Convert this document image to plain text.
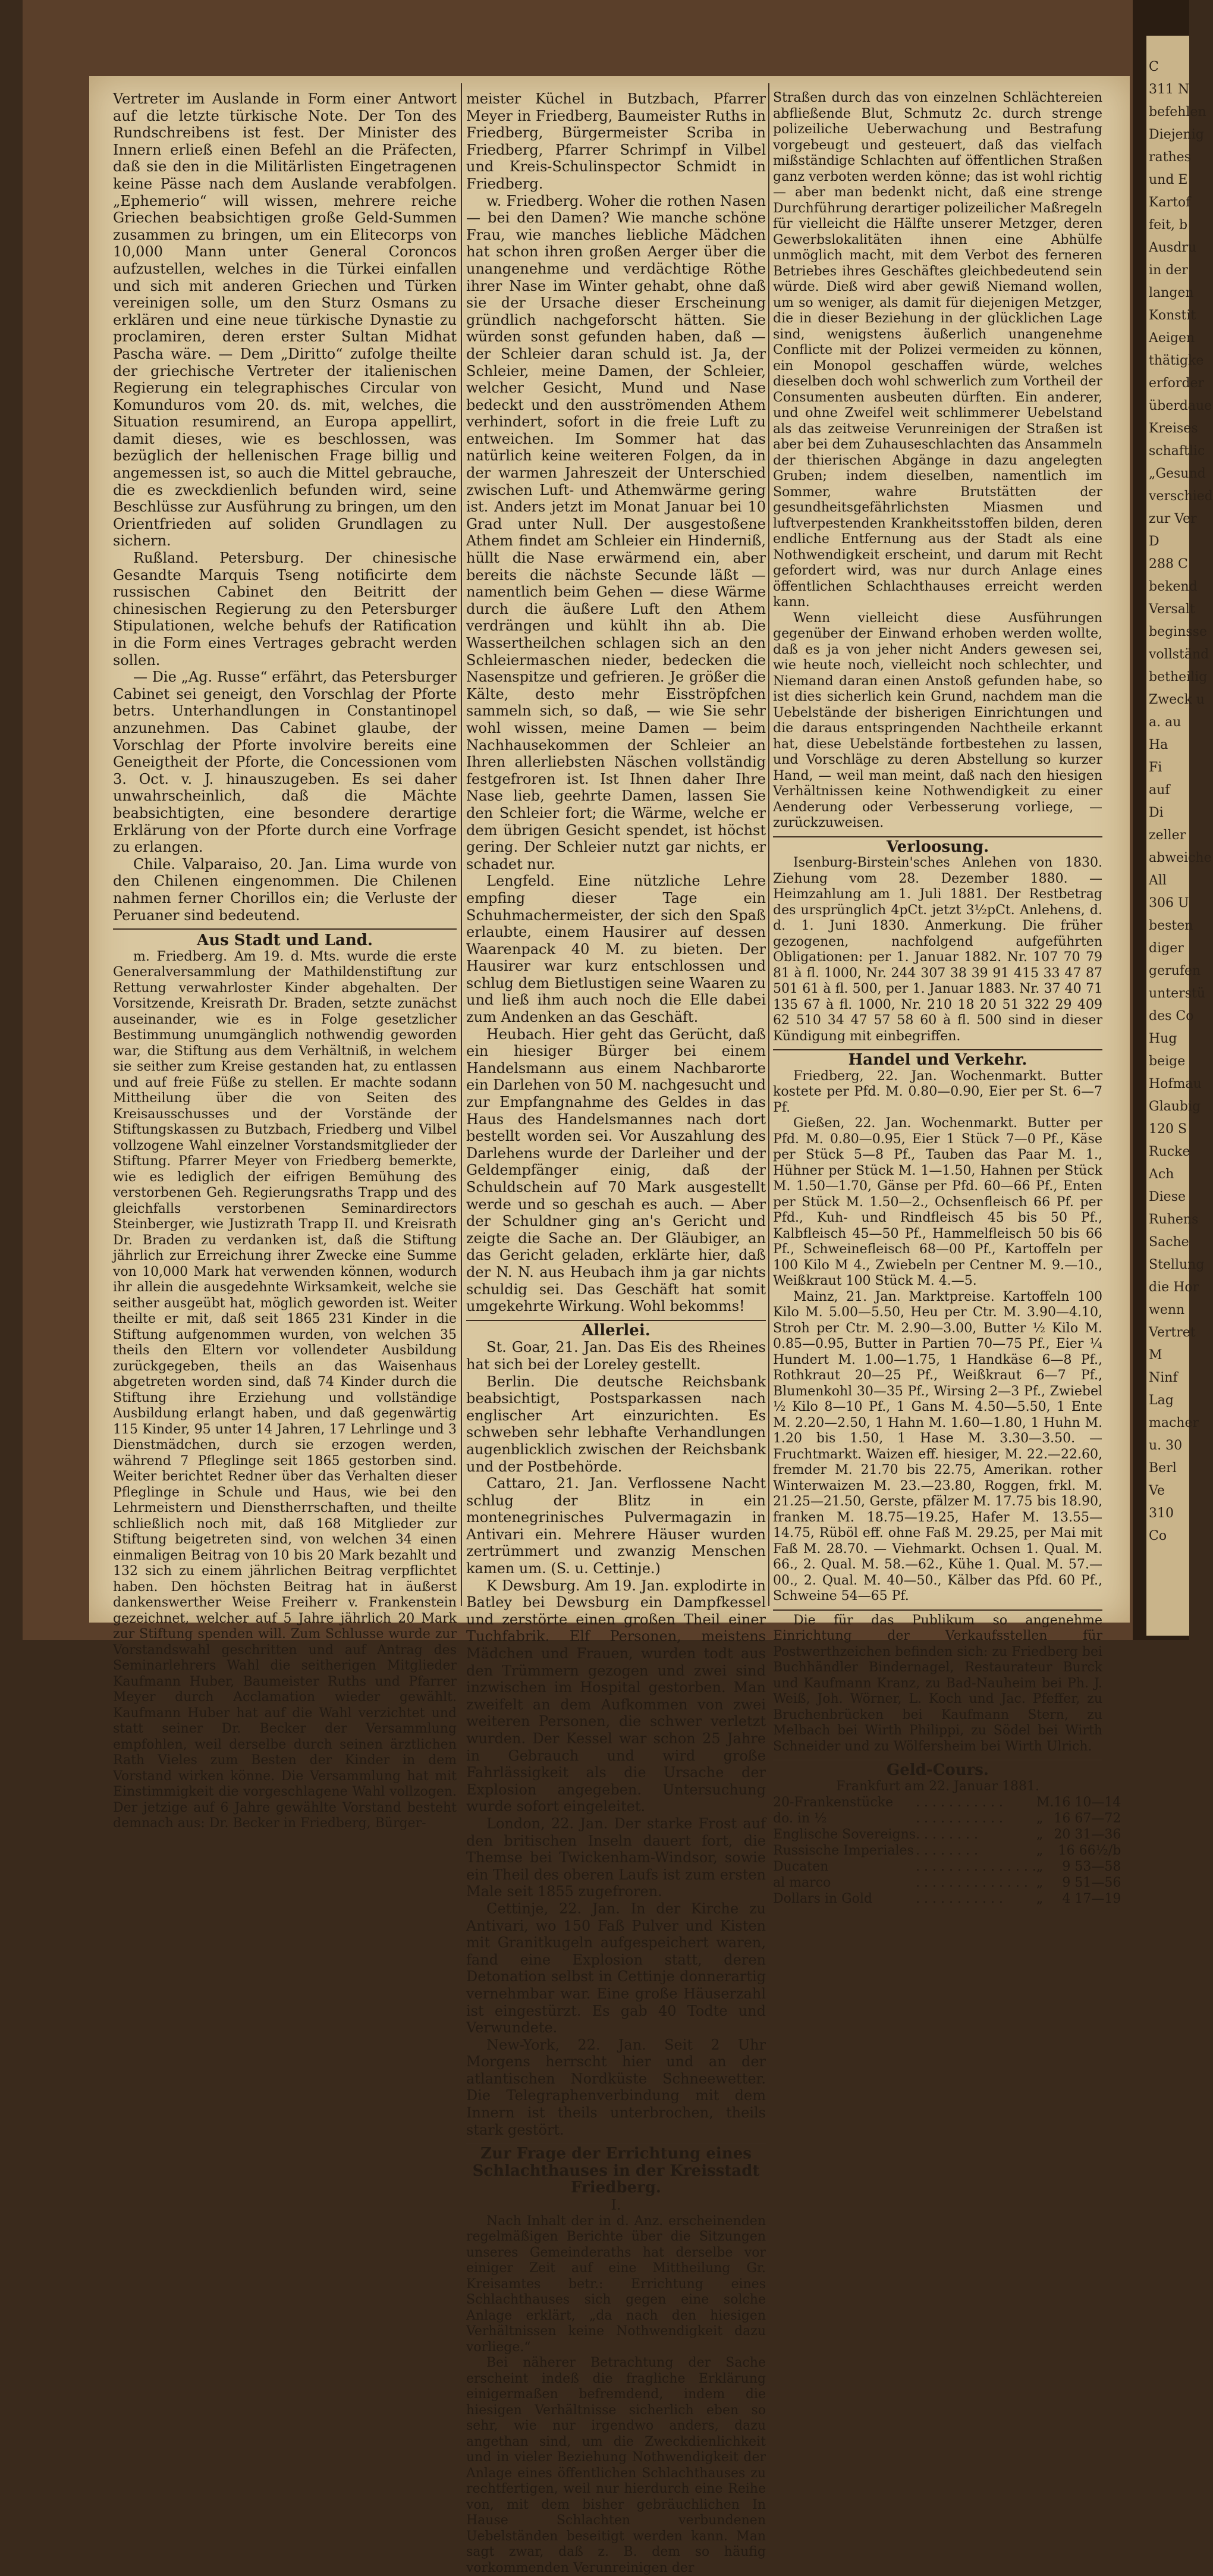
C
311 N
befehlen
Diejenig
rathes
und E
Kartof
feit, b
Ausdru
in der
langen
Konstit
Aeigen
thätigke
erforder
überdaue
Kreises
schaftlic
„Gesund
verschied
zur Ver
D
288 C
bekend
Versalt
beginsse
vollständ
betheilig
Zweck u
a. au
Ha
Fi
auf
Di
zeller
abweiche
All
306 U
besten
diger
gerufen
unterstü
des Co
Hug
beige
Hofmau
Glaubig
120 S
Rucke
Ach
Diese
Ruhens
Sache
Stellung
die Hor
wenn
Vertret
M
Ninf
Lag
macher
u. 30
Berl
Ve
310
Co

Vertreter im Auslande in Form einer Antwort auf die letzte türkische Note. Der Ton des Rundschreibens ist fest. Der Minister des Innern erließ einen Befehl an die Präfecten, daß sie den in die Militärlisten Eingetragenen keine Pässe nach dem Auslande verabfolgen. „Ephemerio“ will wissen, mehrere reiche Griechen beabsichtigen große Geld-Summen zusammen zu bringen, um ein Elitecorps von 10,000 Mann unter General Coroncos aufzustellen, welches in die Türkei einfallen und sich mit anderen Griechen und Türken vereinigen solle, um den Sturz Osmans zu erklären und eine neue türkische Dynastie zu proclamiren, deren erster Sultan Midhat Pascha wäre. — Dem „Diritto“ zufolge theilte der griechische Vertreter der italienischen Regierung ein telegraphisches Circular von Komunduros vom 20. ds. mit, welches, die Situation resumirend, an Europa appellirt, damit dieses, wie es beschlossen, was bezüglich der hellenischen Frage billig und angemessen ist, so auch die Mittel gebrauche, die es zweckdienlich befunden wird, seine Beschlüsse zur Ausführung zu bringen, um den Orientfrieden auf soliden Grundlagen zu sichern.

Rußland. Petersburg. Der chinesische Gesandte Marquis Tseng notificirte dem russischen Cabinet den Beitritt der chinesischen Regierung zu den Petersburger Stipulationen, welche behufs der Ratification in die Form eines Vertrages gebracht werden sollen.

— Die „Ag. Russe“ erfährt, das Petersburger Cabinet sei geneigt, den Vorschlag der Pforte betrs. Unterhandlungen in Constantinopel anzunehmen. Das Cabinet glaube, der Vorschlag der Pforte involvire bereits eine Geneigtheit der Pforte, die Concessionen vom 3. Oct. v. J. hinauszugeben. Es sei daher unwahrscheinlich, daß die Mächte beabsichtigten, eine besondere derartige Erklärung von der Pforte durch eine Vorfrage zu erlangen.

Chile. Valparaiso, 20. Jan. Lima wurde von den Chilenen eingenommen. Die Chilenen nahmen ferner Chorillos ein; die Verluste der Peruaner sind bedeutend.

Aus Stadt und Land.

m. Friedberg. Am 19. d. Mts. wurde die erste Generalversammlung der Mathildenstiftung zur Rettung verwahrloster Kinder abgehalten. Der Vorsitzende, Kreisrath Dr. Braden, setzte zunächst auseinander, wie es in Folge gesetzlicher Bestimmung unumgänglich nothwendig geworden war, die Stiftung aus dem Verhältniß, in welchem sie seither zum Kreise gestanden hat, zu entlassen und auf freie Füße zu stellen. Er machte sodann Mittheilung über die von Seiten des Kreisausschusses und der Vorstände der Stiftungskassen zu Butzbach, Friedberg und Vilbel vollzogene Wahl einzelner Vorstandsmitglieder der Stiftung. Pfarrer Meyer von Friedberg bemerkte, wie es lediglich der eifrigen Bemühung des verstorbenen Geh. Regierungsraths Trapp und des gleichfalls verstorbenen Seminardirectors Steinberger, wie Justizrath Trapp II. und Kreisrath Dr. Braden zu verdanken ist, daß die Stiftung jährlich zur Erreichung ihrer Zwecke eine Summe von 10,000 Mark hat verwenden können, wodurch ihr allein die ausgedehnte Wirksamkeit, welche sie seither ausgeübt hat, möglich geworden ist. Weiter theilte er mit, daß seit 1865 231 Kinder in die Stiftung aufgenommen wurden, von welchen 35 theils den Eltern vor vollendeter Ausbildung zurückgegeben, theils an das Waisenhaus abgetreten worden sind, daß 74 Kinder durch die Stiftung ihre Erziehung und vollständige Ausbildung erlangt haben, und daß gegenwärtig 115 Kinder, 95 unter 14 Jahren, 17 Lehrlinge und 3 Dienstmädchen, durch sie erzogen werden, während 7 Pfleglinge seit 1865 gestorben sind. Weiter berichtet Redner über das Verhalten dieser Pfleglinge in Schule und Haus, wie bei den Lehrmeistern und Dienstherrschaften, und theilte schließlich noch mit, daß 168 Mitglieder zur Stiftung beigetreten sind, von welchen 34 einen einmaligen Beitrag von 10 bis 20 Mark bezahlt und 132 sich zu einem jährlichen Beitrag verpflichtet haben. Den höchsten Beitrag hat in äußerst dankenswerther Weise Freiherr v. Frankenstein gezeichnet, welcher auf 5 Jahre jährlich 20 Mark zur Stiftung spenden will. Zum Schlusse wurde zur Vorstandswahl geschritten und auf Antrag des Seminarlehrers Wahl die seitherigen Mitglieder Kaufmann Huber, Baumeister Ruths und Pfarrer Meyer durch Acclamation wieder gewählt. Kaufmann Huber hat auf die Wahl verzichtet und statt seiner Dr. Becker der Versammlung empfohlen, weil derselbe durch seinen ärztlichen Rath Vieles zum Besten der Kinder in dem Vorstand wirken könne. Die Versammlung hat mit Einstimmigkeit die vorgeschlagene Wahl vollzogen. Der jetzige auf 6 Jahre gewählte Vorstand besteht demnach aus: Dr. Becker in Friedberg, Bürger-

meister Küchel in Butzbach, Pfarrer Meyer in Friedberg, Baumeister Ruths in Friedberg, Bürgermeister Scriba in Friedberg, Pfarrer Schrimpf in Vilbel und Kreis-Schulinspector Schmidt in Friedberg.

w. Friedberg. Woher die rothen Nasen — bei den Damen? Wie manche schöne Frau, wie manches liebliche Mädchen hat schon ihren großen Aerger über die unangenehme und verdächtige Röthe ihrer Nase im Winter gehabt, ohne daß sie der Ursache dieser Erscheinung gründlich nachgeforscht hätten. Sie würden sonst gefunden haben, daß — der Schleier daran schuld ist. Ja, der Schleier, meine Damen, der Schleier, welcher Gesicht, Mund und Nase bedeckt und den ausströmenden Athem verhindert, sofort in die freie Luft zu entweichen. Im Sommer hat das natürlich keine weiteren Folgen, da in der warmen Jahreszeit der Unterschied zwischen Luft- und Athemwärme gering ist. Anders jetzt im Monat Januar bei 10 Grad unter Null. Der ausgestoßene Athem findet am Schleier ein Hinderniß, hüllt die Nase erwärmend ein, aber bereits die nächste Secunde läßt — namentlich beim Gehen — diese Wärme durch die äußere Luft den Athem verdrängen und kühlt ihn ab. Die Wassertheilchen schlagen sich an den Schleiermaschen nieder, bedecken die Nasenspitze und gefrieren. Je größer die Kälte, desto mehr Eisströpfchen sammeln sich, so daß, — wie Sie sehr wohl wissen, meine Damen — beim Nachhausekommen der Schleier an Ihren allerliebsten Näschen vollständig festgefroren ist. Ist Ihnen daher Ihre Nase lieb, geehrte Damen, lassen Sie den Schleier fort; die Wärme, welche er dem übrigen Gesicht spendet, ist höchst gering. Der Schleier nutzt gar nichts, er schadet nur.

Lengfeld. Eine nützliche Lehre empfing dieser Tage ein Schuhmachermeister, der sich den Spaß erlaubte, einem Hausirer auf dessen Waarenpack 40 M. zu bieten. Der Hausirer war kurz entschlossen und schlug dem Bietlustigen seine Waaren zu und ließ ihm auch noch die Elle dabei zum Andenken an das Geschäft.

Heubach. Hier geht das Gerücht, daß ein hiesiger Bürger bei einem Handelsmann aus einem Nachbarorte ein Darlehen von 50 M. nachgesucht und zur Empfangnahme des Geldes in das Haus des Handelsmannes nach dort bestellt worden sei. Vor Auszahlung des Darlehens wurde der Darleiher und der Geldempfänger einig, daß der Schuldschein auf 70 Mark ausgestellt werde und so geschah es auch. — Aber der Schuldner ging an's Gericht und zeigte die Sache an. Der Gläubiger, an das Gericht geladen, erklärte hier, daß der N. N. aus Heubach ihm ja gar nichts schuldig sei. Das Geschäft hat somit umgekehrte Wirkung. Wohl bekomms!

Allerlei.

St. Goar, 21. Jan. Das Eis des Rheines hat sich bei der Loreley gestellt.

Berlin. Die deutsche Reichsbank beabsichtigt, Postsparkassen nach englischer Art einzurichten. Es schweben sehr lebhafte Verhandlungen augenblicklich zwischen der Reichsbank und der Postbehörde.

Cattaro, 21. Jan. Verflossene Nacht schlug der Blitz in ein montenegrinisches Pulvermagazin in Antivari ein. Mehrere Häuser wurden zertrümmert und zwanzig Menschen kamen um. (S. u. Cettinje.)

K Dewsburg. Am 19. Jan. explodirte in Batley bei Dewsburg ein Dampfkessel und zerstörte einen großen Theil einer Tuchfabrik. Elf Personen, meistens Mädchen und Frauen, wurden todt aus den Trümmern gezogen und zwei sind inzwischen im Hospital gestorben. Man zweifelt an dem Aufkommen von zwei weiteren Personen, die schwer verletzt wurden. Der Kessel war schon 25 Jahre in Gebrauch und wird große Fahrlässigkeit als die Ursache der Explosion angegeben. Untersuchung wurde sofort eingeleitet.

London, 22. Jan. Der starke Frost auf den britischen Inseln dauert fort, die Themse bei Twickenham-Windsor, sowie ein Theil des oberen Laufs ist zum ersten Male seit 1855 zugefroren.

Cettinje, 22. Jan. In der Kirche zu Antivari, wo 150 Faß Pulver und Kisten mit Granitkugeln aufgespeichert waren, fand eine Explosion statt, deren Detonation selbst in Cettinje donnerartig vernehmbar war. Eine große Häuserzahl ist eingestürzt. Es gab 40 Todte und Verwundete.

New-York, 22. Jan. Seit 2 Uhr Morgens herrscht hier und an der atlantischen Nordküste Schneewetter. Die Telegraphenverbindung mit dem Innern ist theils unterbrochen, theils stark gestört.

Zur Frage der Errichtung eines Schlachthauses in der Kreisstadt Friedberg.

I.

Nach Inhalt der in d. Anz. erscheinenden regelmäßigen Berichte über die Sitzungen unseres Gemeinderaths hat derselbe vor einiger Zeit auf eine Mittheilung Gr. Kreisamtes betr.: Errichtung eines Schlachthauses sich gegen eine solche Anlage erklärt, „da nach den hiesigen Verhältnissen keine Nothwendigkeit dazu vorliege.“

Bei näherer Betrachtung der Sache erscheint indeß die fragliche Erklärung einigermaßen befremdend, indem die hiesigen Verhältnisse sicherlich eben so sehr, wie nur irgendwo anders, dazu angethan sind, um die Zweckdienlichkeit und in vieler Beziehung Nothwendigkeit der Anlage eines öffentlichen Schlachthauses zu rechtfertigen, weil nur hierdurch eine Reihe von, mit dem bisher gebräuchlichen In Hause Schlachten verbundenen Uebelständen beseitigt werden kann. Man sagt zwar, daß z. B. dem so häufig vorkommenden Verunreinigen der

Straßen durch das von einzelnen Schlächtereien abfließende Blut, Schmutz 2c. durch strenge polizeiliche Ueberwachung und Bestrafung vorgebeugt und gesteuert, daß das vielfach mißständige Schlachten auf öffentlichen Straßen ganz verboten werden könne; das ist wohl richtig — aber man bedenkt nicht, daß eine strenge Durchführung derartiger polizeilicher Maßregeln für vielleicht die Hälfte unserer Metzger, deren Gewerbslokalitäten ihnen eine Abhülfe unmöglich macht, mit dem Verbot des ferneren Betriebes ihres Geschäftes gleichbedeutend sein würde. Dieß wird aber gewiß Niemand wollen, um so weniger, als damit für diejenigen Metzger, die in dieser Beziehung in der glücklichen Lage sind, wenigstens äußerlich unangenehme Conflicte mit der Polizei vermeiden zu können, ein Monopol geschaffen würde, welches dieselben doch wohl schwerlich zum Vortheil der Consumenten ausbeuten dürften. Ein anderer, und ohne Zweifel weit schlimmerer Uebelstand als das zeitweise Verunreinigen der Straßen ist aber bei dem Zuhauseschlachten das Ansammeln der thierischen Abgänge in dazu angelegten Gruben; indem dieselben, namentlich im Sommer, wahre Brutstätten der gesundheitsgefährlichsten Miasmen und luftverpestenden Krankheitsstoffen bilden, deren endliche Entfernung aus der Stadt als eine Nothwendigkeit erscheint, und darum mit Recht gefordert wird, was nur durch Anlage eines öffentlichen Schlachthauses erreicht werden kann.

Wenn vielleicht diese Ausführungen gegenüber der Einwand erhoben werden wollte, daß es ja von jeher nicht Anders gewesen sei, wie heute noch, vielleicht noch schlechter, und Niemand daran einen Anstoß gefunden habe, so ist dies sicherlich kein Grund, nachdem man die Uebelstände der bisherigen Einrichtungen und die daraus entspringenden Nachtheile erkannt hat, diese Uebelstände fortbestehen zu lassen, und Vorschläge zu deren Abstellung so kurzer Hand, — weil man meint, daß nach den hiesigen Verhältnissen keine Nothwendigkeit zu einer Aenderung oder Verbesserung vorliege, — zurückzuweisen.

Verloosung.

Isenburg-Birstein'sches Anlehen von 1830. Ziehung vom 28. Dezember 1880. — Heimzahlung am 1. Juli 1881. Der Restbetrag des ursprünglich 4pCt. jetzt 3½pCt. Anlehens, d. d. 1. Juni 1830. Anmerkung. Die früher gezogenen, nachfolgend aufgeführten Obligationen: per 1. Januar 1882. Nr. 107 70 79 81 à fl. 1000, Nr. 244 307 38 39 91 415 33 47 87 501 61 à fl. 500, per 1. Januar 1883. Nr. 37 40 71 135 67 à fl. 1000, Nr. 210 18 20 51 322 29 409 62 510 34 47 57 58 60 à fl. 500 sind in dieser Kündigung mit einbegriffen.

Handel und Verkehr.

Friedberg, 22. Jan. Wochenmarkt. Butter kostete per Pfd. M. 0.80—0.90, Eier per St. 6—7 Pf.

Gießen, 22. Jan. Wochenmarkt. Butter per Pfd. M. 0.80—0.95, Eier 1 Stück 7—0 Pf., Käse per Stück 5—8 Pf., Tauben das Paar M. 1., Hühner per Stück M. 1—1.50, Hahnen per Stück M. 1.50—1.70, Gänse per Pfd. 60—66 Pf., Enten per Stück M. 1.50—2., Ochsenfleisch 66 Pf. per Pfd., Kuh- und Rindfleisch 45 bis 50 Pf., Kalbfleisch 45—50 Pf., Hammelfleisch 50 bis 66 Pf., Schweinefleisch 68—00 Pf., Kartoffeln per 100 Kilo M 4., Zwiebeln per Centner M. 9.—10., Weißkraut 100 Stück M. 4.—5.

Mainz, 21. Jan. Marktpreise. Kartoffeln 100 Kilo M. 5.00—5.50, Heu per Ctr. M. 3.90—4.10, Stroh per Ctr. M. 2.90—3.00, Butter ½ Kilo M. 0.85—0.95, Butter in Partien 70—75 Pf., Eier ¼ Hundert M. 1.00—1.75, 1 Handkäse 6—8 Pf., Rothkraut 20—25 Pf., Weißkraut 6—7 Pf., Blumenkohl 30—35 Pf., Wirsing 2—3 Pf., Zwiebel ½ Kilo 8—10 Pf., 1 Gans M. 4.50—5.50, 1 Ente M. 2.20—2.50, 1 Hahn M. 1.60—1.80, 1 Huhn M. 1.20 bis 1.50, 1 Hase M. 3.30—3.50. — Fruchtmarkt. Waizen eff. hiesiger, M. 22.—22.60, fremder M. 21.70 bis 22.75, Amerikan. rother Winterwaizen M. 23.—23.80, Roggen, frkl. M. 21.25—21.50, Gerste, pfälzer M. 17.75 bis 18.90, franken M. 18.75—19.25, Hafer M. 13.55—14.75, Rüböl eff. ohne Faß M. 29.25, per Mai mit Faß M. 28.70. — Viehmarkt. Ochsen 1. Qual. M. 66., 2. Qual. M. 58.—62., Kühe 1. Qual. M. 57.—00., 2. Qual. M. 40—50., Kälber das Pfd. 60 Pf., Schweine 54—65 Pf.

Die für das Publikum so angenehme Einrichtung der Verkaufsstellen für Postwerthzeichen befinden sich: zu Friedberg bei Buchhändler Bindernagel, Restaurateur Burck und Kaufmann Kranz, zu Bad-Nauheim bei Ph. J. Weiß, Joh. Wörner, L. Koch und Jac. Pfeffer, zu Bruchenbrücken bei Kaufmann Stern, zu Melbach bei Wirth Philippi, zu Södel bei Wirth Schneider und zu Wölfersheim bei Wirth Ulrich.

Geld-Cours.

Frankfurt am 22. Januar 1881.

20-Frankenstücke	. . . . . . . . . . .	M.	16 10—14
do. in ½	. . . . . . . . . . .	„	16 67—72
Englische Sovereigns	. . . . . . . .	„	20 31—36
Russische Imperiales	. . . . . . . .	„	16 66½/b
Ducaten	. . . . . . . . . . . . . . .	„	9 53—58
al marco	. . . . . . . . . . . . . .	„	9 51—56
Dollars in Gold	. . . . . . . . . . .	„	4 17—19
